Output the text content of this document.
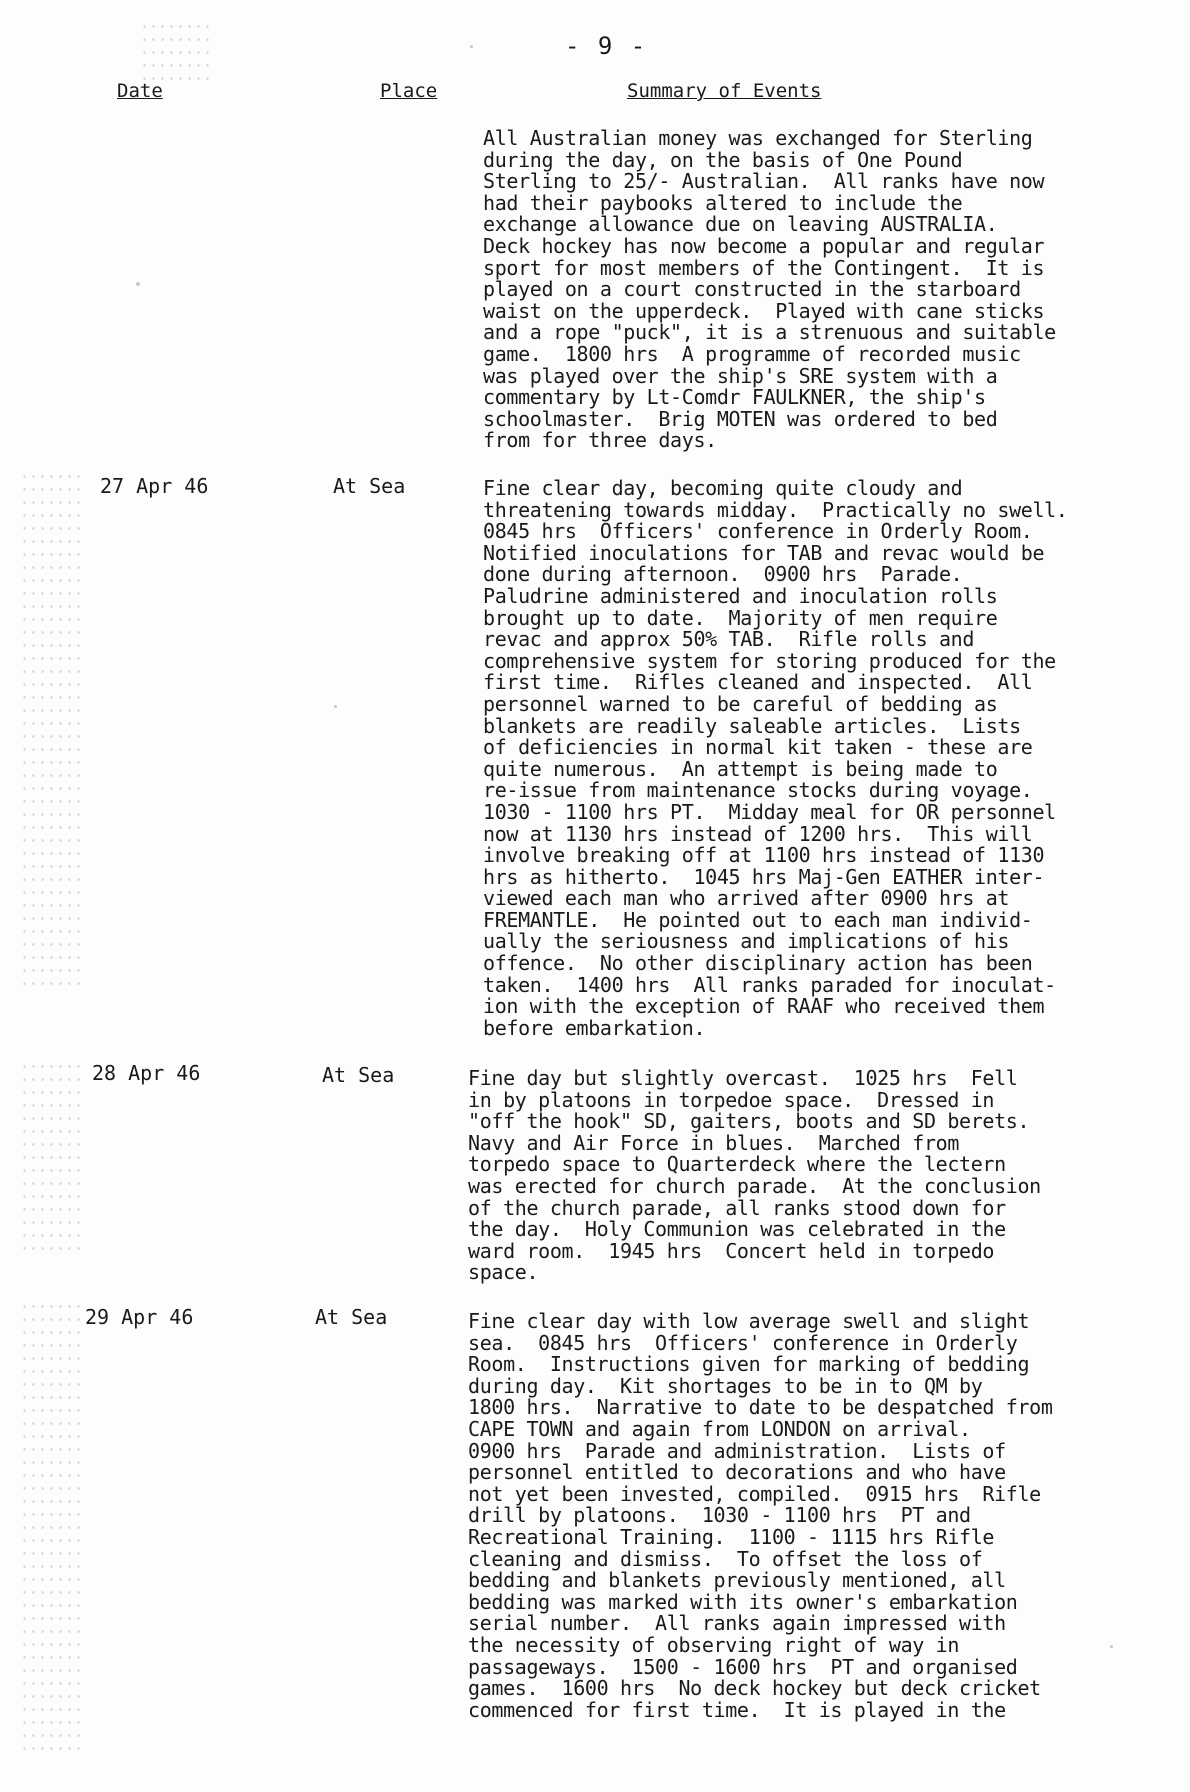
- 9 -
Date	Place	Summary of Events
All Australian money was exchanged for Sterling
during the day, on the basis of One Pound
Sterling to 25/- Australian.  All ranks have now
had their paybooks altered to include the
exchange allowance due on leaving AUSTRALIA.
Deck hockey has now become a popular and regular
sport for most members of the Contingent.  It is
played on a court constructed in the starboard
waist on the upperdeck.  Played with cane sticks
and a rope "puck", it is a strenuous and suitable
game.  1800 hrs  A programme of recorded music
was played over the ship's SRE system with a
commentary by Lt-Comdr FAULKNER, the ship's
schoolmaster.  Brig MOTEN was ordered to bed
from for three days.
27 Apr 46	At Sea	Fine clear day, becoming quite cloudy and
threatening towards midday.  Practically no swell.
0845 hrs  Officers' conference in Orderly Room.
Notified inoculations for TAB and revac would be
done during afternoon.  0900 hrs  Parade.
Paludrine administered and inoculation rolls
brought up to date.  Majority of men require
revac and approx 50% TAB.  Rifle rolls and
comprehensive system for storing produced for the
first time.  Rifles cleaned and inspected.  All
personnel warned to be careful of bedding as
blankets are readily saleable articles.  Lists
of deficiencies in normal kit taken - these are
quite numerous.  An attempt is being made to
re-issue from maintenance stocks during voyage.
1030 - 1100 hrs PT.  Midday meal for OR personnel
now at 1130 hrs instead of 1200 hrs.  This will
involve breaking off at 1100 hrs instead of 1130
hrs as hitherto.  1045 hrs Maj-Gen EATHER inter-
viewed each man who arrived after 0900 hrs at
FREMANTLE.  He pointed out to each man individ-
ually the seriousness and implications of his
offence.  No other disciplinary action has been
taken.  1400 hrs  All ranks paraded for inoculat-
ion with the exception of RAAF who received them
before embarkation.
28 Apr 46	At Sea	Fine day but slightly overcast.  1025 hrs  Fell
in by platoons in torpedoe space.  Dressed in
"off the hook" SD, gaiters, boots and SD berets.
Navy and Air Force in blues.  Marched from
torpedo space to Quarterdeck where the lectern
was erected for church parade.  At the conclusion
of the church parade, all ranks stood down for
the day.  Holy Communion was celebrated in the
ward room.  1945 hrs  Concert held in torpedo
space.
29 Apr 46	At Sea	Fine clear day with low average swell and slight
sea.  0845 hrs  Officers' conference in Orderly
Room.  Instructions given for marking of bedding
during day.  Kit shortages to be in to QM by
1800 hrs.  Narrative to date to be despatched from
CAPE TOWN and again from LONDON on arrival.
0900 hrs  Parade and administration.  Lists of
personnel entitled to decorations and who have
not yet been invested, compiled.  0915 hrs  Rifle
drill by platoons.  1030 - 1100 hrs  PT and
Recreational Training.  1100 - 1115 hrs Rifle
cleaning and dismiss.  To offset the loss of
bedding and blankets previously mentioned, all
bedding was marked with its owner's embarkation
serial number.  All ranks again impressed with
the necessity of observing right of way in
passageways.  1500 - 1600 hrs  PT and organised
games.  1600 hrs  No deck hockey but deck cricket
commenced for first time.  It is played in the
